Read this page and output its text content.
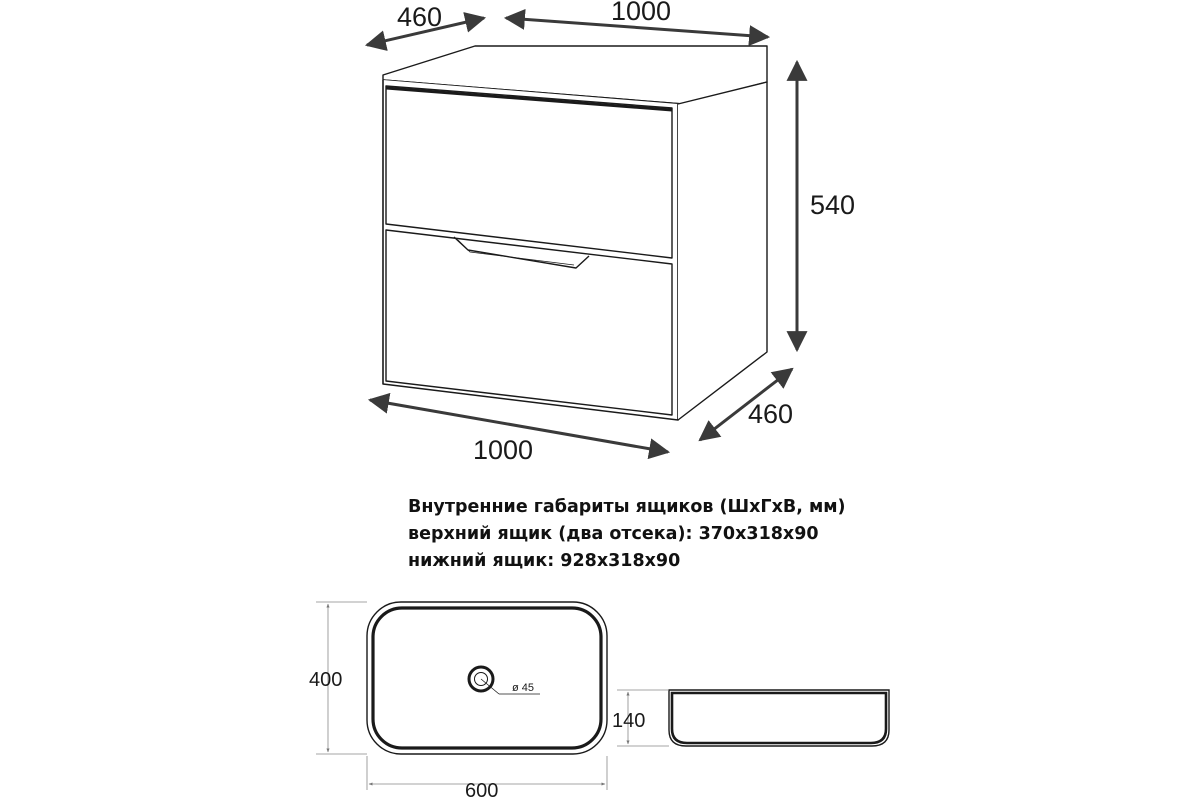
460	1000
540
460
1000
ø 45
400
600
140
Внутренние габариты ящиков (ШхГхВ, мм)
верхний ящик (два отсека): 370х318х90
нижний ящик: 928х318х90
